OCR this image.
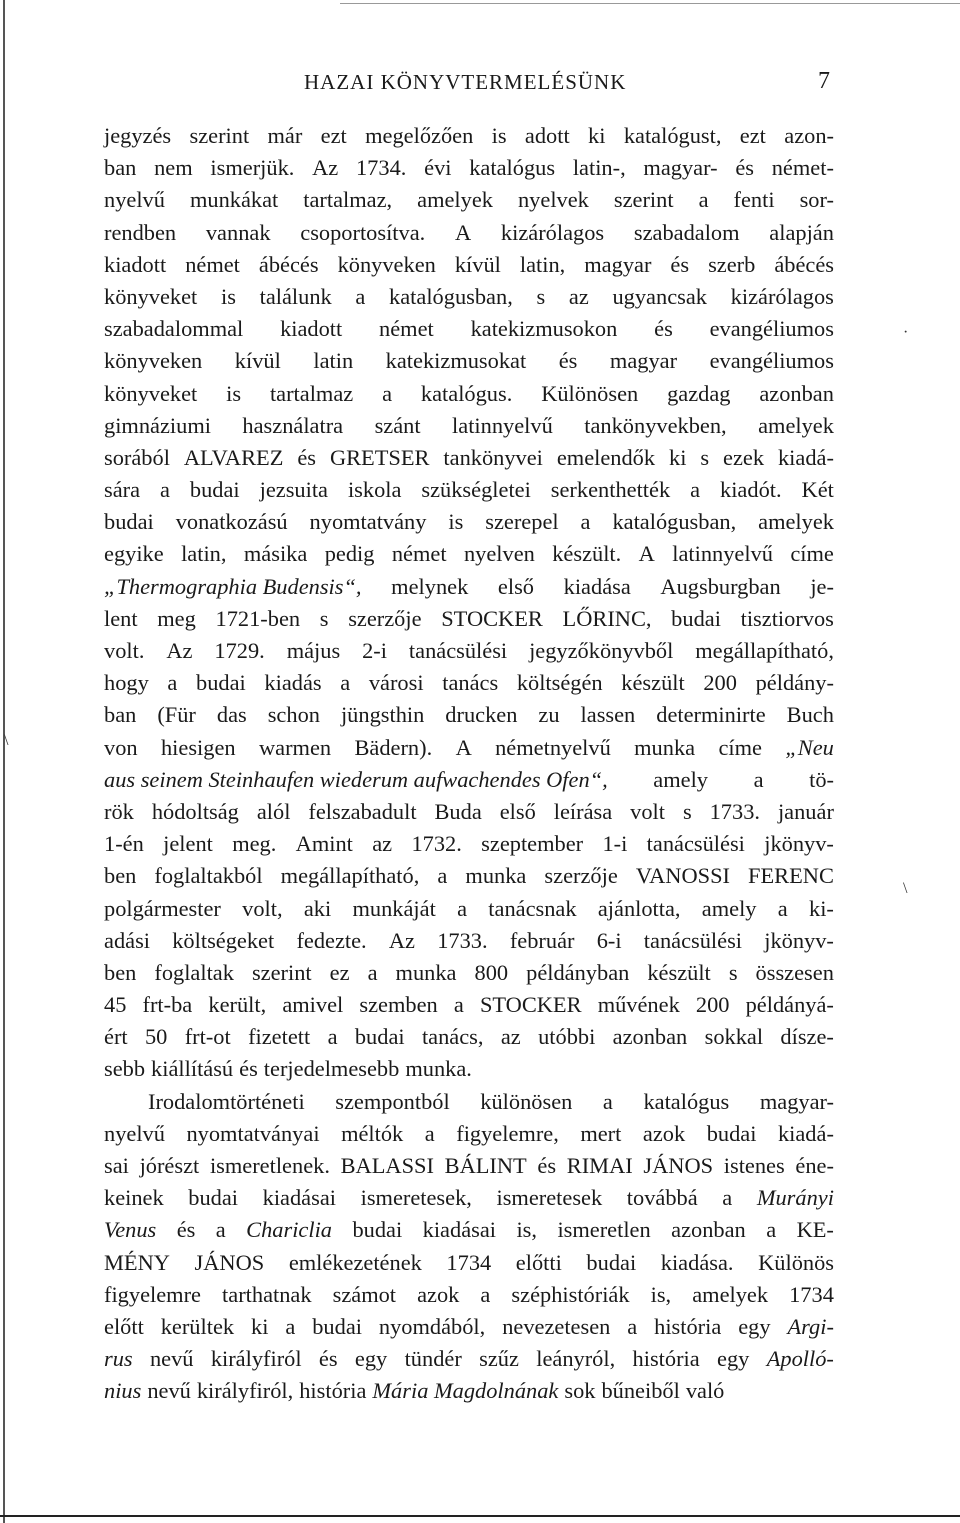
HAZAI KÖNYVTERMELÉSÜNK	7
jegyzés szerint már ezt megelőzően is adott ki katalógust, ezt azon-
ban nem ismerjük. Az 1734. évi katalógus latin-, magyar- és német-
nyelvű munkákat tartalmaz, amelyek nyelvek szerint a fenti sor-
rendben vannak csoportosítva. A kizárólagos szabadalom alapján
kiadott német ábécés könyveken kívül latin, magyar és szerb ábécés
könyveket is találunk a katalógusban, s az ugyancsak kizárólagos
szabadalommal kiadott német katekizmusokon és evangéliumos
könyveken kívül latin katekizmusokat és magyar evangéliumos
könyveket is tartalmaz a katalógus. Különösen gazdag azonban
gimnáziumi használatra szánt latinnyelvű tankönyvekben, amelyek
sorából ALVAREZ és GRETSER tankönyvei emelendők ki s ezek kiadá-
sára a budai jezsuita iskola szükségletei serkenthették a kiadót. Két
budai vonatkozású nyomtatvány is szerepel a katalógusban, amelyek
egyike latin, másika pedig német nyelven készült. A latinnyelvű címe
„Thermographia Budensis“, melynek első kiadása Augsburgban je-
lent meg 1721-ben s szerzője STOCKER LŐRINC, budai tisztiorvos
volt. Az 1729. május 2-i tanácsülési jegyzőkönyvből megállapítható,
hogy a budai kiadás a városi tanács költségén készült 200 példány-
ban (Für das schon jüngsthin drucken zu lassen determinirte Buch
von hiesigen warmen Bädern). A németnyelvű munka címe „Neu
aus seinem Steinhaufen wiederum aufwachendes Ofen“, amely a tö-
rök hódoltság alól felszabadult Buda első leírása volt s 1733. január
1-én jelent meg. Amint az 1732. szeptember 1-i tanácsülési jkönyv-
ben foglaltakból megállapítható, a munka szerzője VANOSSI FERENC
polgármester volt, aki munkáját a tanácsnak ajánlotta, amely a ki-
adási költségeket fedezte. Az 1733. február 6-i tanácsülési jkönyv-
ben foglaltak szerint ez a munka 800 példányban készült s összesen
45 frt-ba került, amivel szemben a STOCKER művének 200 példányá-
ért 50 frt-ot fizetett a budai tanács, az utóbbi azonban sokkal dísze-
sebb kiállítású és terjedelmesebb munka.
Irodalomtörténeti szempontból különösen a katalógus magyar-
nyelvű nyomtatványai méltók a figyelemre, mert azok budai kiadá-
sai jórészt ismeretlenek. BALASSI BÁLINT és RIMAI JÁNOS istenes éne-
keinek budai kiadásai ismeretesek, ismeretesek továbbá a Murányi
Venus és a Chariclia budai kiadásai is, ismeretlen azonban a KE-
MÉNY JÁNOS emlékezetének 1734 előtti budai kiadása. Különös
figyelemre tarthatnak számot azok a széphistóriák is, amelyek 1734
előtt kerültek ki a budai nyomdából, nevezetesen a história egy Argi-
rus nevű királyfiról és egy tündér szűz leányról, história egy Apolló-
nius nevű királyfiról, história Mária Magdolnának sok bűneiből való
·
\
\
